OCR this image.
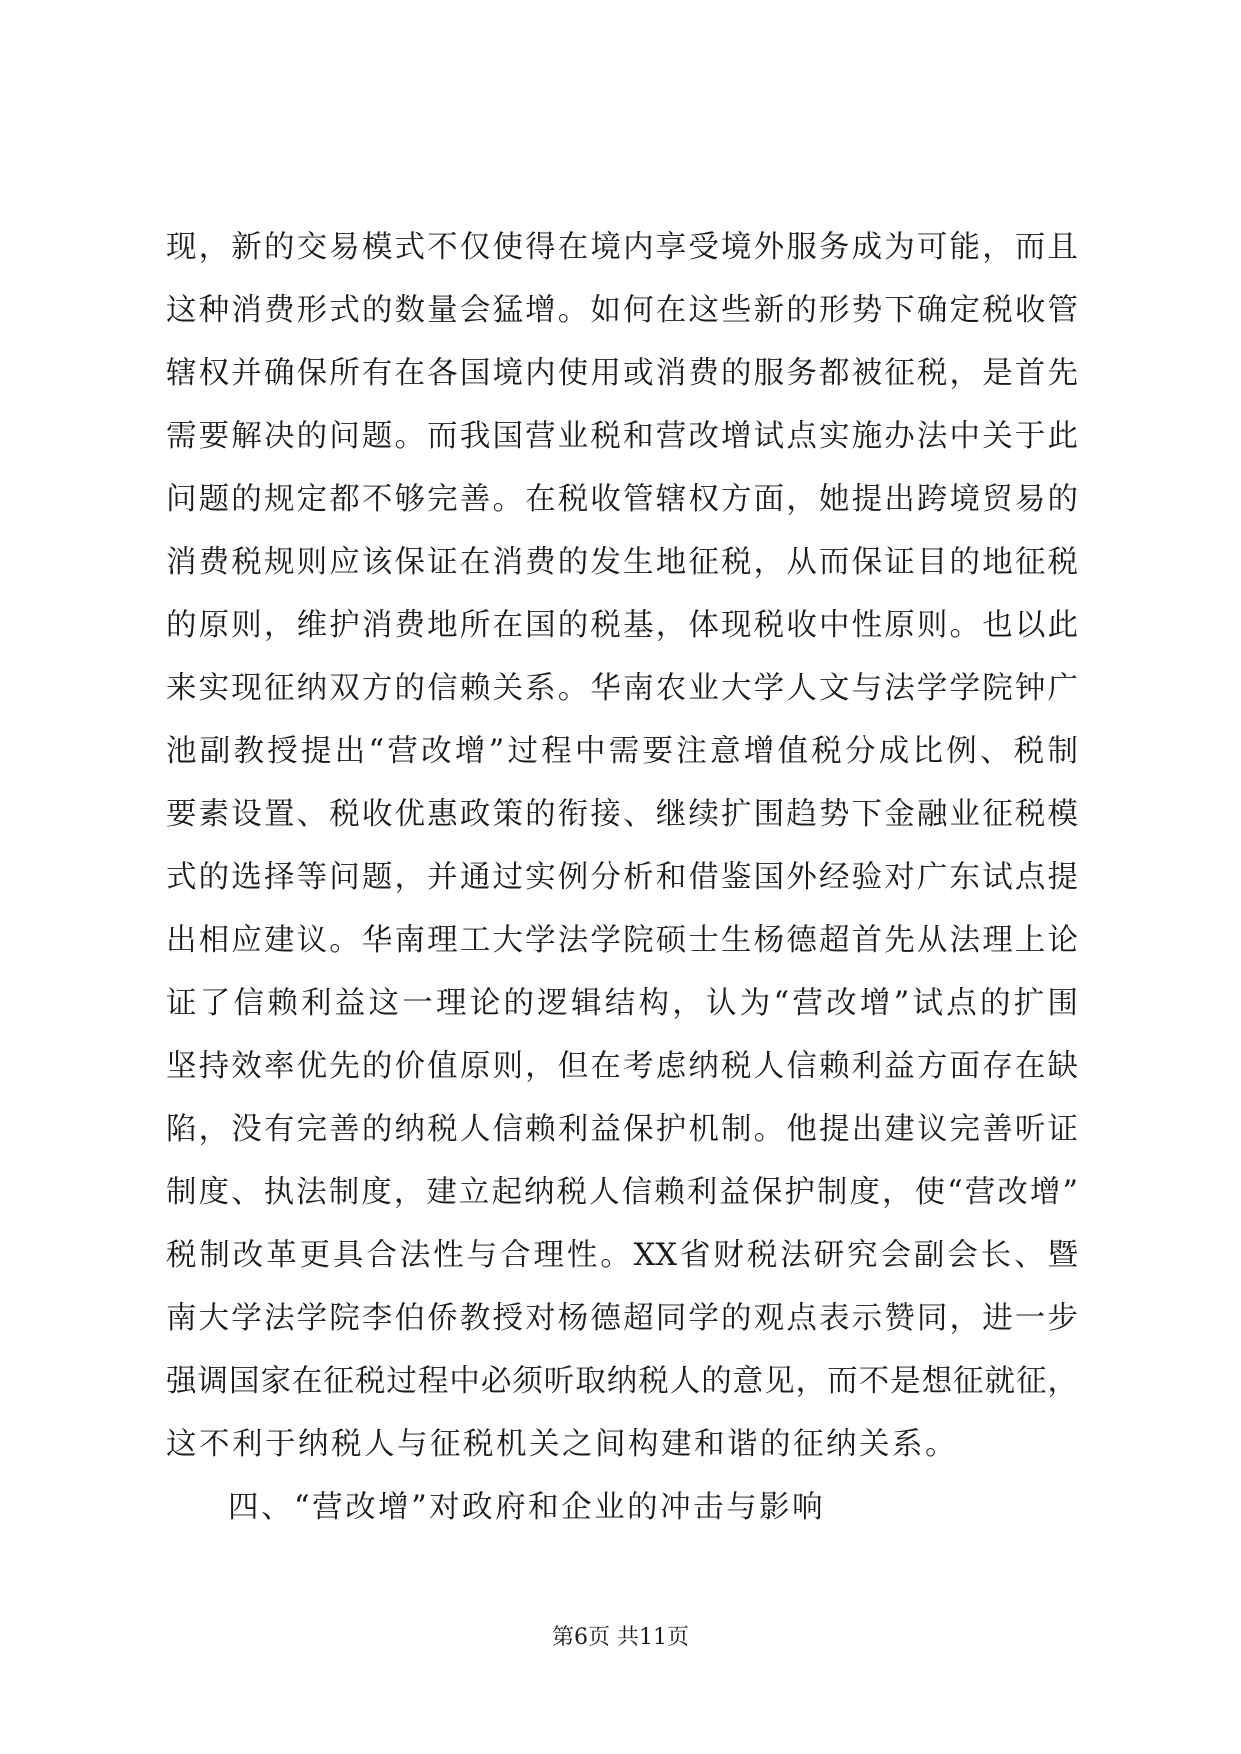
现，新的交易模式不仅使得在境内享受境外服务成为可能，而且
这种消费形式的数量会猛增。如何在这些新的形势下确定税收管
辖权并确保所有在各国境内使用或消费的服务都被征税，是首先
需要解决的问题。而我国营业税和营改增试点实施办法中关于此
问题的规定都不够完善。在税收管辖权方面，她提出跨境贸易的
消费税规则应该保证在消费的发生地征税，从而保证目的地征税
的原则，维护消费地所在国的税基，体现税收中性原则。也以此
来实现征纳双方的信赖关系。华南农业大学人文与法学学院钟广
池副教授提出“营改增”过程中需要注意增值税分成比例、税制
要素设置、税收优惠政策的衔接、继续扩围趋势下金融业征税模
式的选择等问题，并通过实例分析和借鉴国外经验对广东试点提
出相应建议。华南理工大学法学院硕士生杨德超首先从法理上论
证了信赖利益这一理论的逻辑结构，认为“营改增”试点的扩围
坚持效率优先的价值原则，但在考虑纳税人信赖利益方面存在缺
陷，没有完善的纳税人信赖利益保护机制。他提出建议完善听证
制度、执法制度，建立起纳税人信赖利益保护制度，使“营改增”
税制改革更具合法性与合理性。XX省财税法研究会副会长、暨
南大学法学院李伯侨教授对杨德超同学的观点表示赞同，进一步
强调国家在征税过程中必须听取纳税人的意见，而不是想征就征，
这不利于纳税人与征税机关之间构建和谐的征纳关系。
四、“营改增”对政府和企业的冲击与影响
第6页 共11页
